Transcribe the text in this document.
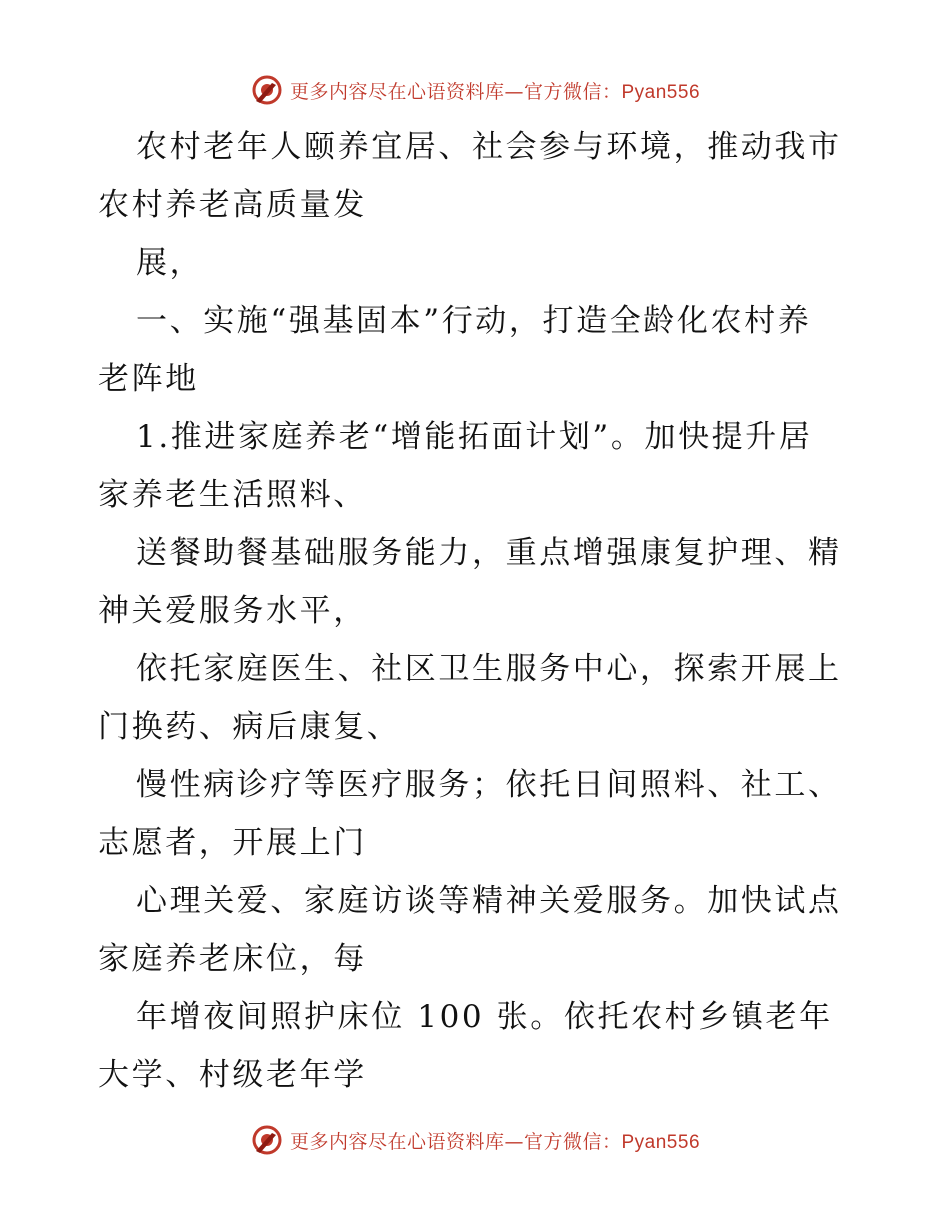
更多内容尽在心语资料库—官方微信：Pyan556

农村老年人颐养宜居、社会参与环境，推动我市
农村养老高质量发
展，
一、实施“强基固本”行动，打造全龄化农村养
老阵地
1.推进家庭养老“增能拓面计划”。加快提升居
家养老生活照料、
送餐助餐基础服务能力，重点增强康复护理、精
神关爱服务水平，
依托家庭医生、社区卫生服务中心，探索开展上
门换药、病后康复、
慢性病诊疗等医疗服务；依托日间照料、社工、
志愿者，开展上门
心理关爱、家庭访谈等精神关爱服务。加快试点
家庭养老床位，每
年增夜间照护床位 100 张。依托农村乡镇老年
大学、村级老年学

更多内容尽在心语资料库—官方微信：Pyan556
